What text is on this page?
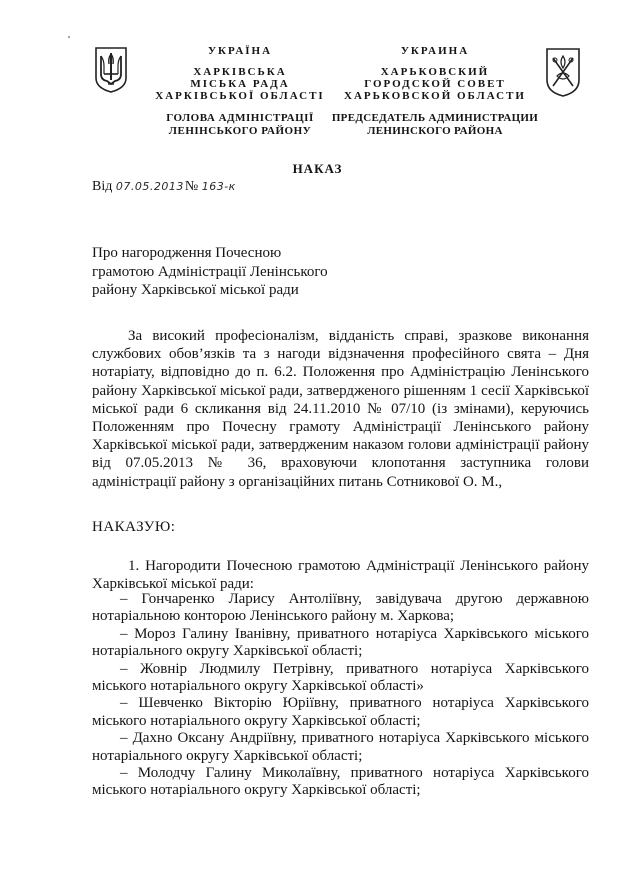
УКРАЇНА
ХАРКІВСЬКА
МІСЬКА РАДА
ХАРКІВСЬКОЇ ОБЛАСТІ
ГОЛОВА АДМІНІСТРАЦІЇ
ЛЕНІНСЬКОГО РАЙОНУ
УКРАИНА
ХАРЬКОВСКИЙ
ГОРОДСКОЙ СОВЕТ
ХАРЬКОВСКОЙ ОБЛАСТИ
ПРЕДСЕДАТЕЛЬ АДМИНИСТРАЦИИ
ЛЕНИНСКОГО РАЙОНА
НАКАЗ
Від 07.05.2013№ 163-к
Про нагородження Почесною
грамотою Адміністрації Ленінського
району Харківської міської ради
За високий професіоналізм, відданість справі, зразкове виконання службових обов’язків та з нагоди відзначення професійного свята – Дня нотаріату, відповідно до п. 6.2. Положення про Адміністрацію Ленінського району Харківської міської ради, затвердженого рішенням 1 сесії Харківської міської ради 6 скликання від 24.11.2010 № 07/10 (із змінами), керуючись Положенням про Почесну грамоту Адміністрації Ленінського району Харківської міської ради, затвердженим наказом голови адміністрації району від 07.05.2013 № 36, враховуючи клопотання заступника голови адміністрації району з організаційних питань Сотникової О. М.,
НАКАЗУЮ:
1. Нагородити Почесною грамотою Адміністрації Ленінського району Харківської міської ради:

– Гончаренко Ларису Антоліївну, завідувача другою державною нотаріальною конторою Ленінського району м. Харкова;

– Мороз Галину Іванівну, приватного нотаріуса Харківського міського нотаріального округу Харківської області;

– Жовнір Людмилу Петрівну, приватного нотаріуса Харківського міського нотаріального округу Харківської області»

– Шевченко Вікторію Юріївну, приватного нотаріуса Харківського міського нотаріального округу Харківської області;

– Дахно Оксану Андріївну, приватного нотаріуса Харківського міського нотаріального округу Харківської області;

– Молодчу Галину Миколаївну, приватного нотаріуса Харківського міського нотаріального округу Харківської області;
